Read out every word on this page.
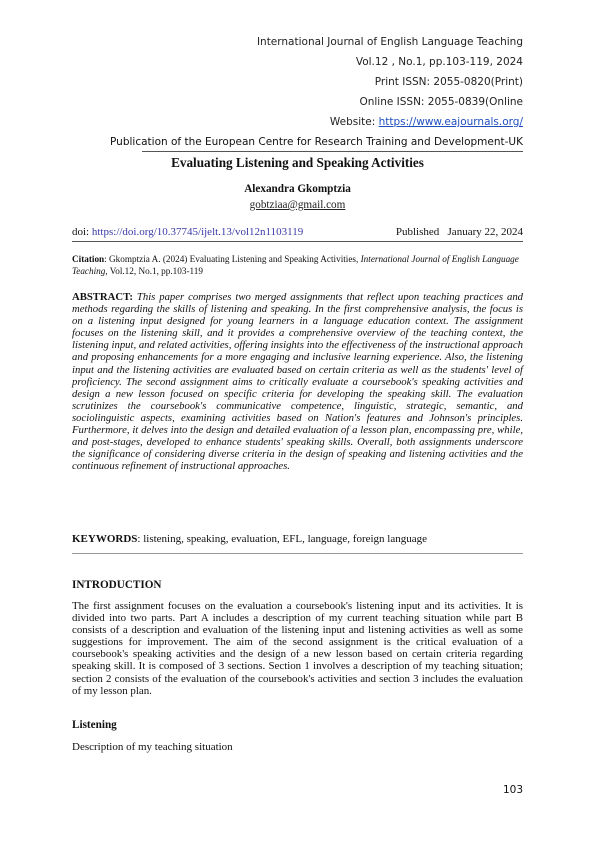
International Journal of English Language Teaching
Vol.12 , No.1, pp.103-119, 2024
Print ISSN: 2055-0820(Print)
Online ISSN: 2055-0839(Online
Website: https://www.eajournals.org/
Publication of the European Centre for Research Training and Development-UK
Evaluating Listening and Speaking Activities
Alexandra Gkomptzia
gobtziaa@gmail.com
doi: https://doi.org/10.37745/ijelt.13/vol12n1103119	Published January 22, 2024
Citation: Gkomptzia A. (2024) Evaluating Listening and Speaking Activities, International Journal of English Language Teaching, Vol.12, No.1, pp.103-119
ABSTRACT: This paper comprises two merged assignments that reflect upon teaching practices and methods regarding the skills of listening and speaking. In the first comprehensive analysis, the focus is on a listening input designed for young learners in a language education context. The assignment focuses on the listening skill, and it provides a comprehensive overview of the teaching context, the listening input, and related activities, offering insights into the effectiveness of the instructional approach and proposing enhancements for a more engaging and inclusive learning experience. Also, the listening input and the listening activities are evaluated based on certain criteria as well as the students' level of proficiency. The second assignment aims to critically evaluate a coursebook's speaking activities and design a new lesson focused on specific criteria for developing the speaking skill. The evaluation scrutinizes the coursebook's communicative competence, linguistic, strategic, semantic, and sociolinguistic aspects, examining activities based on Nation's features and Johnson's principles. Furthermore, it delves into the design and detailed evaluation of a lesson plan, encompassing pre, while, and post-stages, developed to enhance students' speaking skills. Overall, both assignments underscore the significance of considering diverse criteria in the design of speaking and listening activities and the continuous refinement of instructional approaches.
KEYWORDS: listening, speaking, evaluation, EFL, language, foreign language
INTRODUCTION
The first assignment focuses on the evaluation a coursebook's listening input and its activities. It is divided into two parts. Part A includes a description of my current teaching situation while part B consists of a description and evaluation of the listening input and listening activities as well as some suggestions for improvement. The aim of the second assignment is the critical evaluation of a coursebook's speaking activities and the design of a new lesson based on certain criteria regarding speaking skill. It is composed of 3 sections. Section 1 involves a description of my teaching situation; section 2 consists of the evaluation of the coursebook's activities and section 3 includes the evaluation of my lesson plan.
Listening
Description of my teaching situation
103
